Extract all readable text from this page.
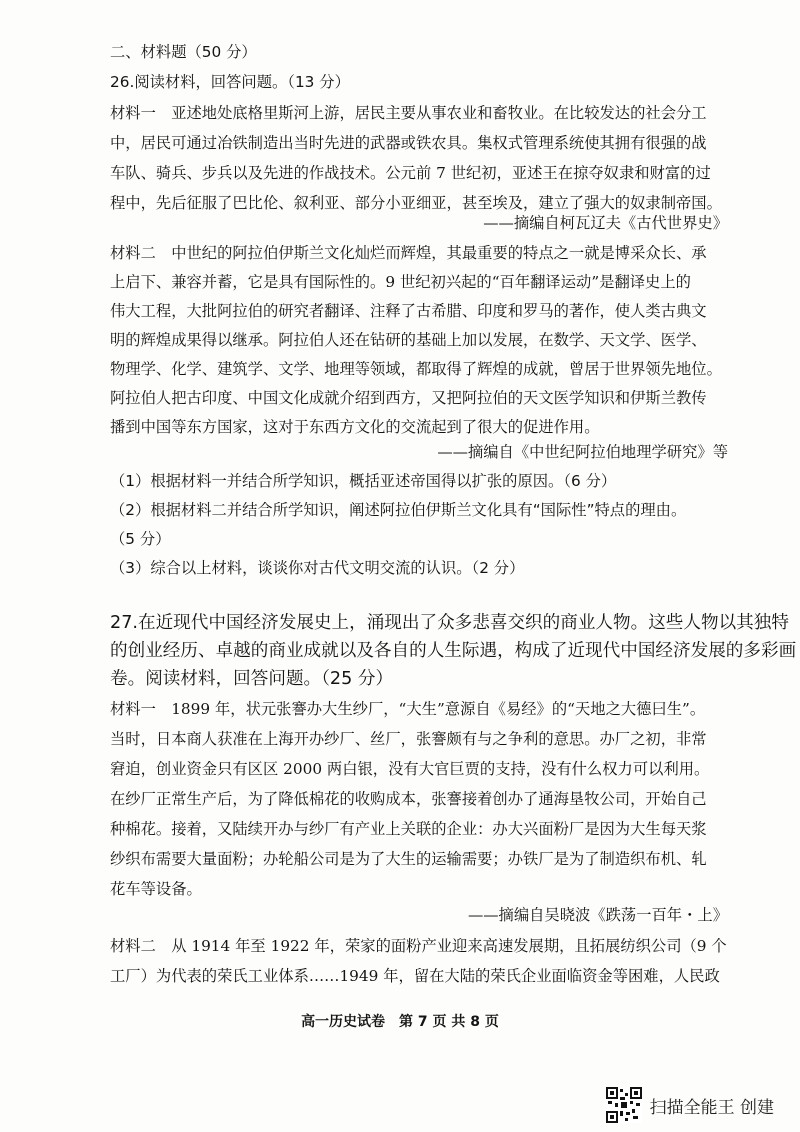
二、材料题（50 分）
26.阅读材料，回答问题。（13 分）
材料一　亚述地处底格里斯河上游，居民主要从事农业和畜牧业。在比较发达的社会分工
中，居民可通过冶铁制造出当时先进的武器或铁农具。集权式管理系统使其拥有很强的战
车队、骑兵、步兵以及先进的作战技术。公元前 7 世纪初，亚述王在掠夺奴隶和财富的过
程中，先后征服了巴比伦、叙利亚、部分小亚细亚，甚至埃及，建立了强大的奴隶制帝国。
——摘编自柯瓦辽夫《古代世界史》
材料二　中世纪的阿拉伯伊斯兰文化灿烂而辉煌，其最重要的特点之一就是博采众长、承
上启下、兼容并蓄，它是具有国际性的。9 世纪初兴起的“百年翻译运动”是翻译史上的
伟大工程，大批阿拉伯的研究者翻译、注释了古希腊、印度和罗马的著作，使人类古典文
明的辉煌成果得以继承。阿拉伯人还在钻研的基础上加以发展，在数学、天文学、医学、
物理学、化学、建筑学、文学、地理等领域，都取得了辉煌的成就，曾居于世界领先地位。
阿拉伯人把古印度、中国文化成就介绍到西方，又把阿拉伯的天文医学知识和伊斯兰教传
播到中国等东方国家，这对于东西方文化的交流起到了很大的促进作用。
——摘编自《中世纪阿拉伯地理学研究》等
（1）根据材料一并结合所学知识，概括亚述帝国得以扩张的原因。（6 分）
（2）根据材料二并结合所学知识，阐述阿拉伯伊斯兰文化具有“国际性”特点的理由。
（5 分）
（3）综合以上材料，谈谈你对古代文明交流的认识。（2 分）
27.在近现代中国经济发展史上，涌现出了众多悲喜交织的商业人物。这些人物以其独特
的创业经历、卓越的商业成就以及各自的人生际遇，构成了近现代中国经济发展的多彩画
卷。阅读材料，回答问题。（25 分）
材料一　1899 年，状元张謇办大生纱厂，“大生”意源自《易经》的“天地之大德曰生”。
当时，日本商人获准在上海开办纱厂、丝厂，张謇颇有与之争利的意思。办厂之初，非常
窘迫，创业资金只有区区 2000 两白银，没有大官巨贾的支持，没有什么权力可以利用。
在纱厂正常生产后，为了降低棉花的收购成本，张謇接着创办了通海垦牧公司，开始自己
种棉花。接着，又陆续开办与纱厂有产业上关联的企业：办大兴面粉厂是因为大生每天浆
纱织布需要大量面粉；办轮船公司是为了大生的运输需要；办铁厂是为了制造织布机、轧
花车等设备。
——摘编自吴晓波《跌荡一百年・上》
材料二　从 1914 年至 1922 年，荣家的面粉产业迎来高速发展期，且拓展纺织公司（9 个
工厂）为代表的荣氏工业体系……1949 年，留在大陆的荣氏企业面临资金等困难，人民政
高一历史试卷　第 7 页 共 8 页
扫描全能王 创建
